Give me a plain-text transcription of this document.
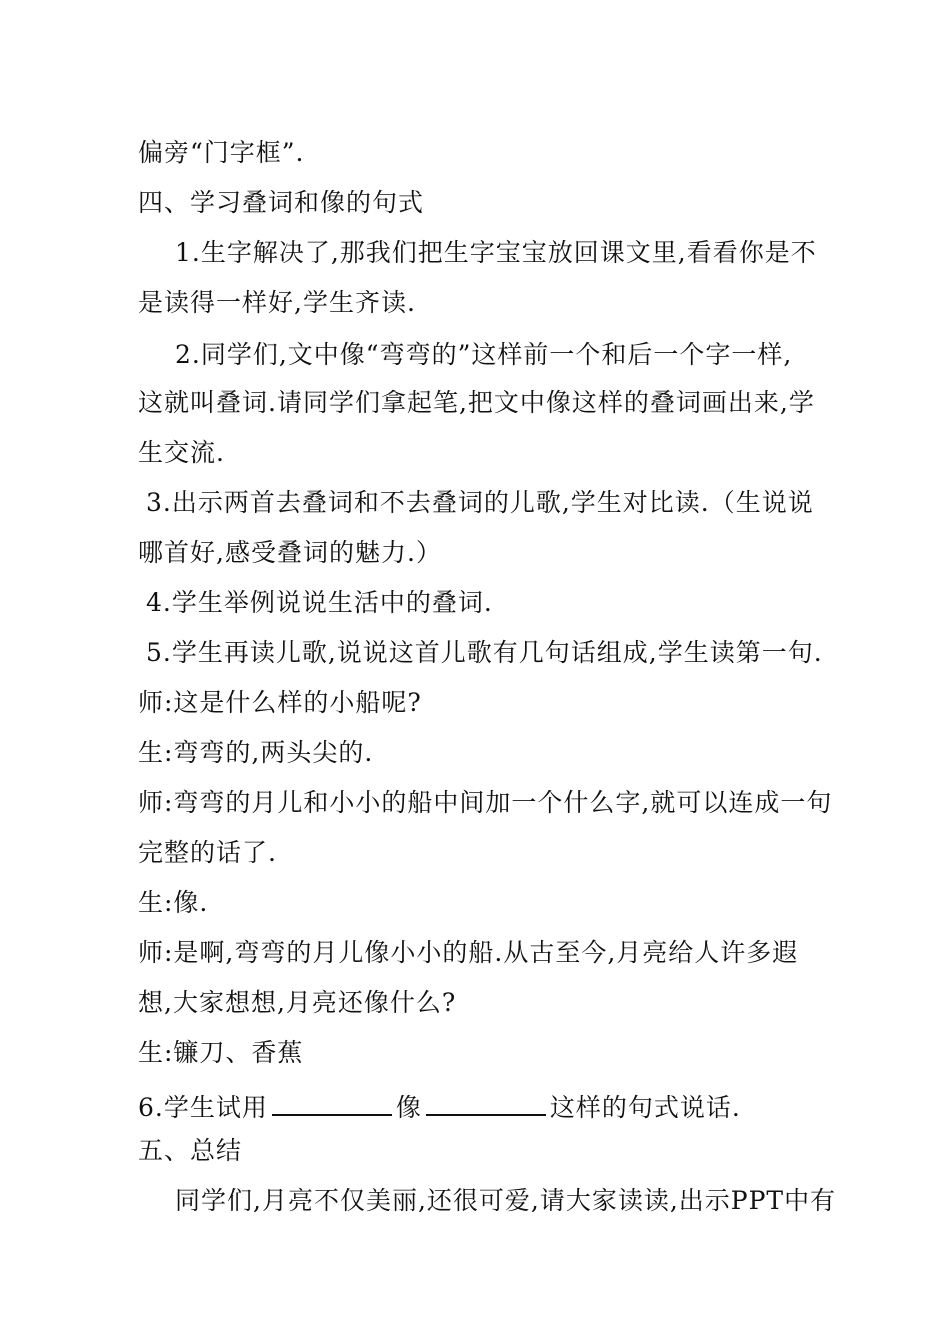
偏旁“门字框”.
四、学习叠词和像的句式
1.生字解决了,那我们把生字宝宝放回课文里,看看你是不
是读得一样好,学生齐读.
2.同学们,文中像“弯弯的”这样前一个和后一个字一样,
这就叫叠词.请同学们拿起笔,把文中像这样的叠词画出来,学
生交流.
3.出示两首去叠词和不去叠词的儿歌,学生对比读.（生说说
哪首好,感受叠词的魅力.）
4.学生举例说说生活中的叠词.
5.学生再读儿歌,说说这首儿歌有几句话组成,学生读第一句.
师:这是什么样的小船呢?
生:弯弯的,两头尖的.
师:弯弯的月儿和小小的船中间加一个什么字,就可以连成一句
完整的话了.
生:像.
师:是啊,弯弯的月儿像小小的船.从古至今,月亮给人许多遐
想,大家想想,月亮还像什么?
生:镰刀、香蕉
6.学生试用	像	这样的句式说话.
五、总结
同学们,月亮不仅美丽,还很可爱,请大家读读,出示PPT中有
